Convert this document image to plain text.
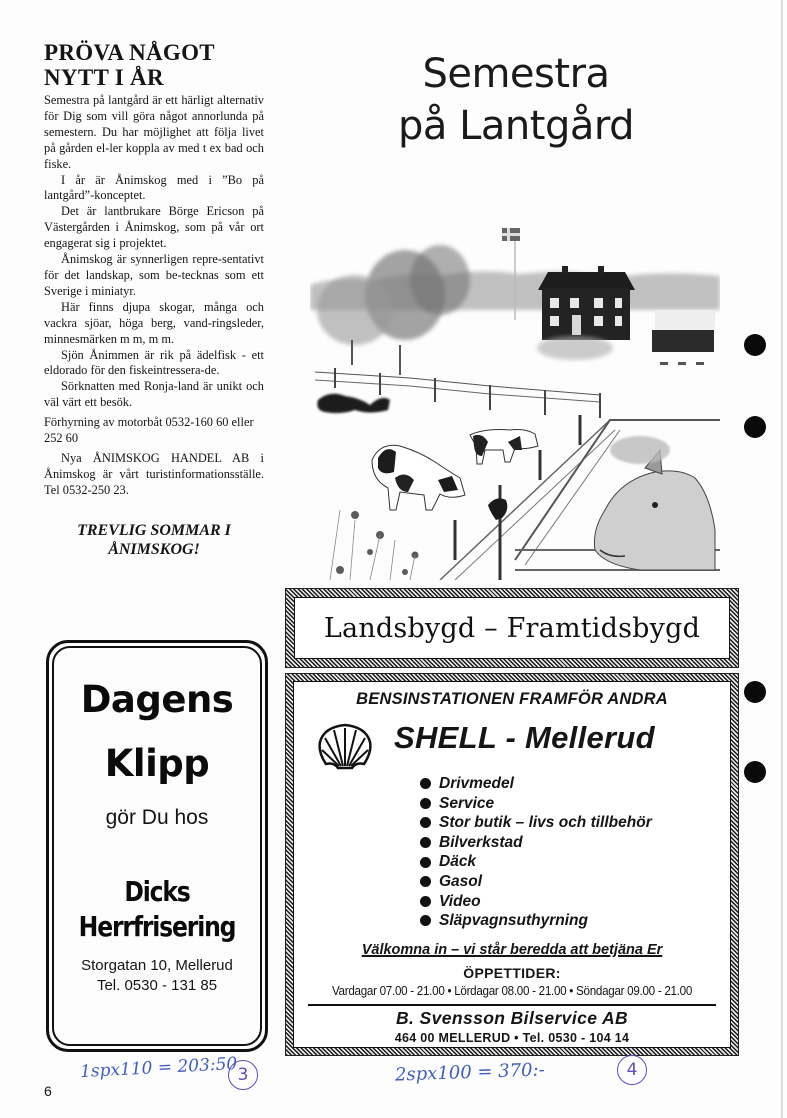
PRÖVA NÅGOT NYTT I ÅR

Semestra på lantgård är ett härligt alternativ för Dig som vill göra något annorlunda på semestern. Du har möjlighet att följa livet på gården el-ler koppla av med t ex bad och fiske.

I år är Ånimskog med i ”Bo på lantgård”-konceptet.

Det är lantbrukare Börge Ericson på Västergården i Ånimskog, som på vår ort engagerat sig i projektet.

Ånimskog är synnerligen repre-sentativt för det landskap, som be-tecknas som ett Sverige i miniatyr.

Här finns djupa skogar, många och vackra sjöar, höga berg, vand-ringsleder, minnesmärken m m, m m.

Sjön Ånimmen är rik på ädelfisk - ett eldorado för den fiskeintressera-de.

Sörknatten med Ronja-land är unikt och väl värt ett besök.

Förhyrning av motorbåt 0532-160 60 eller 252 60

Nya ÅNIMSKOG HANDEL AB i Ånimskog är vårt turistinformationsställe. Tel 0532-250 23.

TREVLIG SOMMAR I ÅNIMSKOG!
Dagens
Klipp
gör Du hos
Dicks
Herrfrisering
Storgatan 10, Mellerud
Tel. 0530 - 131 85
Semestra
på Lantgård
Landsbygd – Framtidsbygd
BENSINSTATIONEN FRAMFÖR ANDRA
SHELL - Mellerud
Drivmedel
Service
Stor butik – livs och tillbehör
Bilverkstad
Däck
Gasol
Video
Släpvagnsuthyrning
Välkomna in – vi står beredda att betjäna Er
ÖPPETTIDER:
Vardagar 07.00 - 21.00 • Lördagar 08.00 - 21.00 • Söndagar 09.00 - 21.00
B. Svensson Bilservice AB
464 00 MELLERUD • Tel. 0530 - 104 14
1spx110 = 203:50 3	2spx100 = 370:-	4
6
